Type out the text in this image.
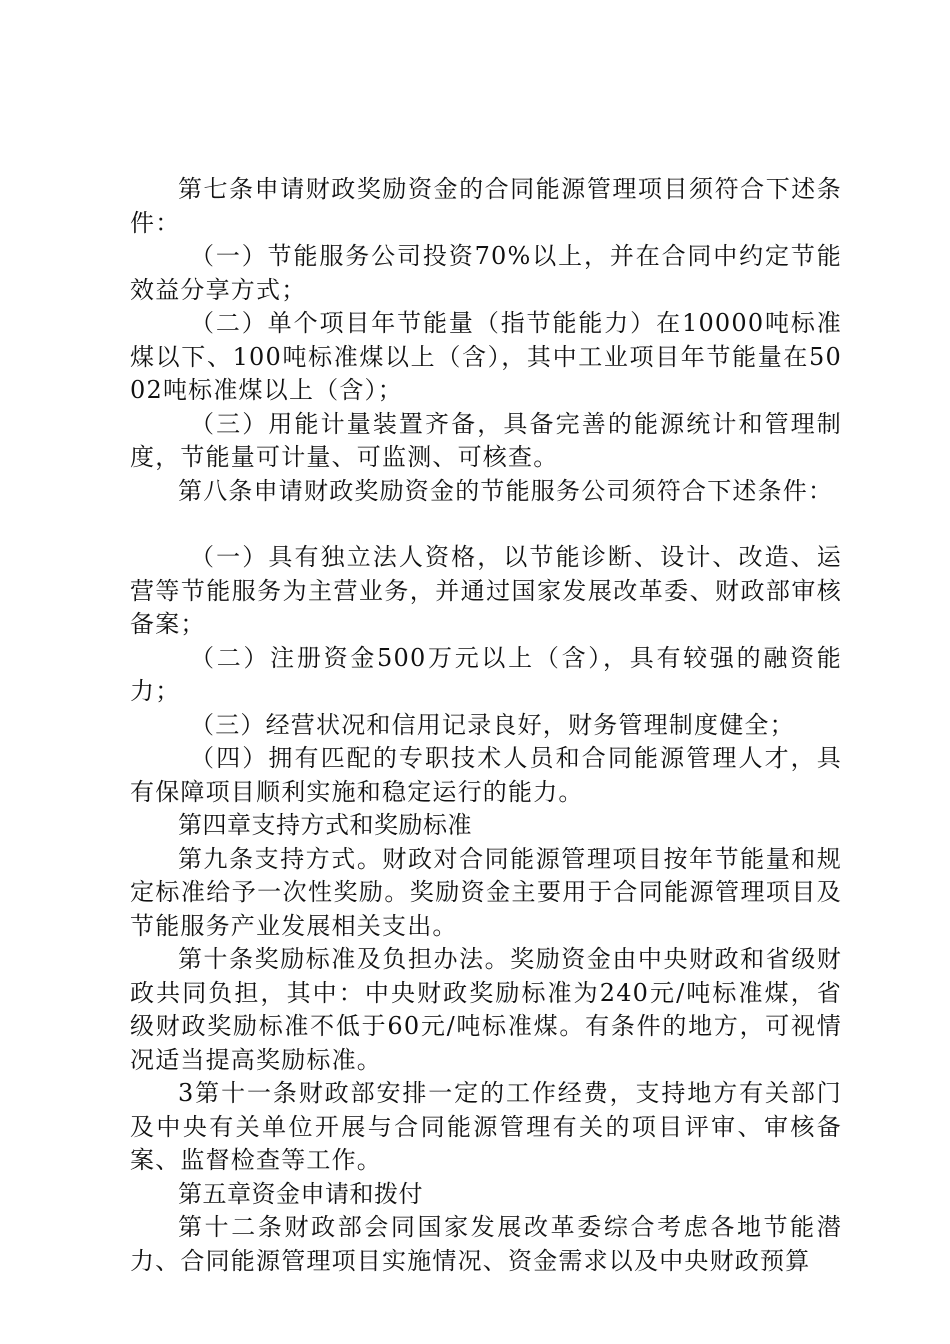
第七条申请财政奖励资金的合同能源管理项目须符合下述条件：

（一）节能服务公司投资70%以上，并在合同中约定节能效益分享方式；

（二）单个项目年节能量（指节能能力）在10000吨标准煤以下、100吨标准煤以上（含），其中工业项目年节能量在5002吨标准煤以上（含）；

（三）用能计量装置齐备，具备完善的能源统计和管理制度，节能量可计量、可监测、可核查。

第八条申请财政奖励资金的节能服务公司须符合下述条件：

（一）具有独立法人资格，以节能诊断、设计、改造、运营等节能服务为主营业务，并通过国家发展改革委、财政部审核备案；

（二）注册资金500万元以上（含），具有较强的融资能力；

（三）经营状况和信用记录良好，财务管理制度健全；

（四）拥有匹配的专职技术人员和合同能源管理人才，具有保障项目顺利实施和稳定运行的能力。

第四章支持方式和奖励标准

第九条支持方式。财政对合同能源管理项目按年节能量和规定标准给予一次性奖励。奖励资金主要用于合同能源管理项目及节能服务产业发展相关支出。

第十条奖励标准及负担办法。奖励资金由中央财政和省级财政共同负担，其中：中央财政奖励标准为240元/吨标准煤，省级财政奖励标准不低于60元/吨标准煤。有条件的地方，可视情况适当提高奖励标准。

3第十一条财政部安排一定的工作经费，支持地方有关部门及中央有关单位开展与合同能源管理有关的项目评审、审核备案、监督检查等工作。

第五章资金申请和拨付

第十二条财政部会同国家发展改革委综合考虑各地节能潜力、合同能源管理项目实施情况、资金需求以及中央财政预算
